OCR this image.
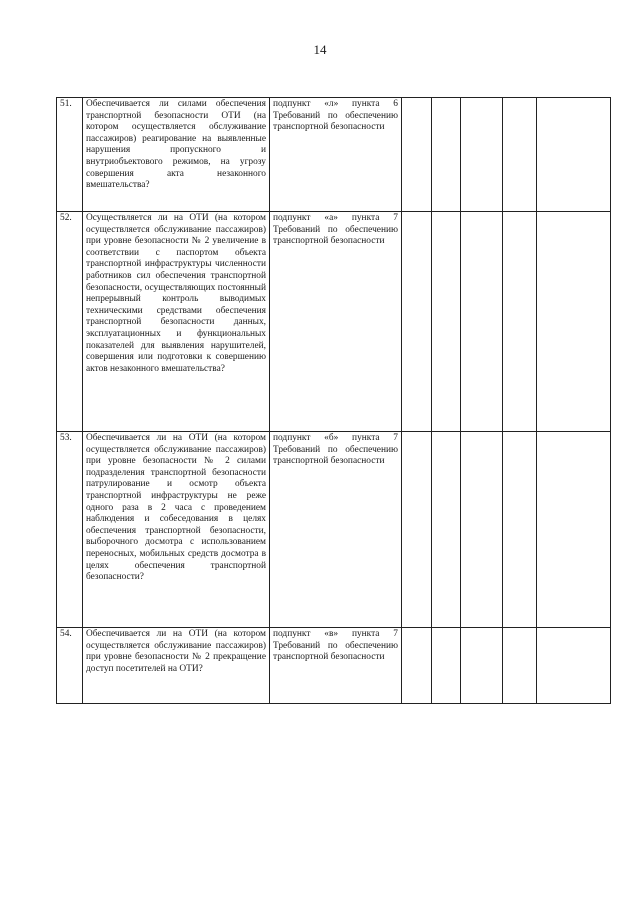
14
51.	Обеспечивается ли силами обеспечения транспортной безопасности ОТИ (на котором осуществляется обслуживание пассажиров) реагирование на выявленные нарушения пропускного и внутриобъектового режимов, на угрозу совершения акта незаконного вмешательства?	подпункт «л» пункта 6 Требований по обеспечению транспортной безопасности					
52.	Осуществляется ли на ОТИ (на котором осуществляется обслуживание пассажиров) при уровне безопасности № 2 увеличение в соответствии с паспортом объекта транспортной инфраструктуры численности работников сил обеспечения транспортной безопасности, осуществляющих постоянный непрерывный контроль выводимых техническими средствами обеспечения транспортной безопасности данных, эксплуатационных и функциональных показателей для выявления нарушителей, совершения или подготовки к совершению актов незаконного вмешательства?	подпункт «а» пункта 7 Требований по обеспечению транспортной безопасности					
53.	Обеспечивается ли на ОТИ (на котором осуществляется обслуживание пассажиров) при уровне безопасности № 2 силами подразделения транспортной безопасности патрулирование и осмотр объекта транспортной инфраструктуры не реже одного раза в 2 часа с проведением наблюдения и собеседования в целях обеспечения транспортной безопасности, выборочного досмотра с использованием переносных, мобильных средств досмотра в целях обеспечения транспортной безопасности?	подпункт «б» пункта 7 Требований по обеспечению транспортной безопасности					
54.	Обеспечивается ли на ОТИ (на котором осуществляется обслуживание пассажиров) при уровне безопасности № 2 прекращение доступ посетителей на ОТИ?	подпункт «в» пункта 7 Требований по обеспечению транспортной безопасности					
